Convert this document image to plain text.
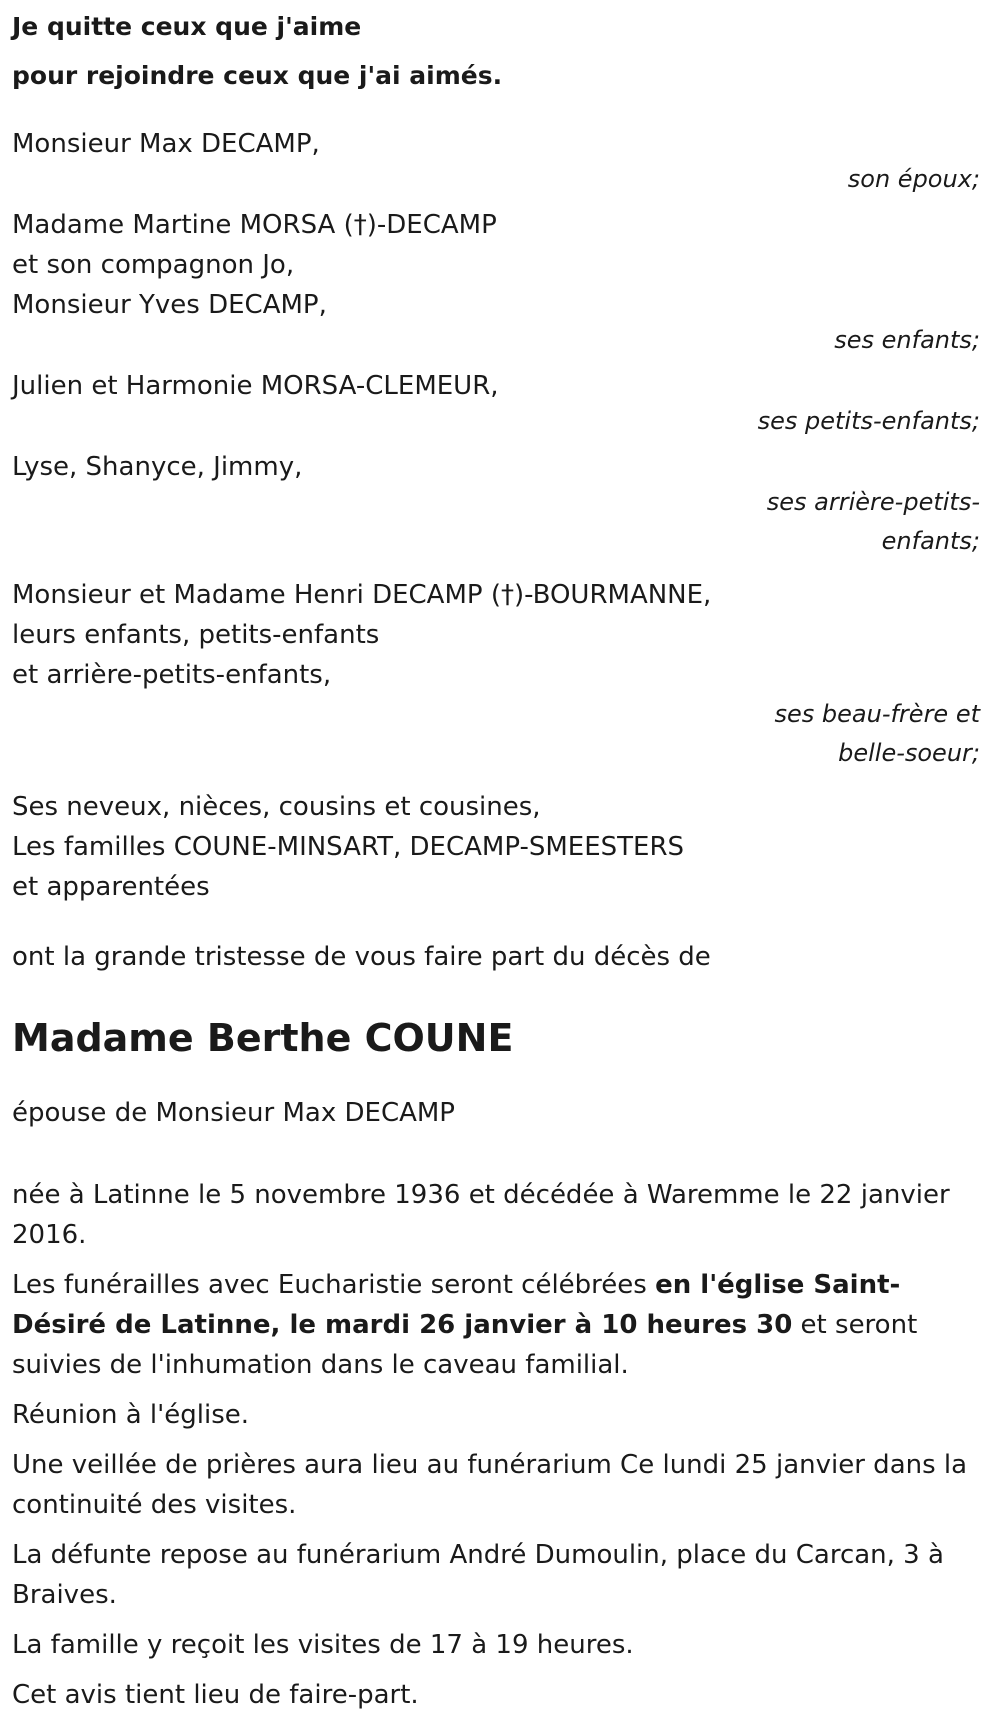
Je quitte ceux que j'aime
pour rejoindre ceux que j'ai aimés.
Monsieur Max DECAMP,
son époux;
Madame Martine MORSA (†)-DECAMP
et son compagnon Jo,
Monsieur Yves DECAMP,
ses enfants;
Julien et Harmonie MORSA-CLEMEUR,
ses petits-enfants;
Lyse, Shanyce, Jimmy,
ses arrière-petits-
enfants;
Monsieur et Madame Henri DECAMP (†)-BOURMANNE,
leurs enfants, petits-enfants
et arrière-petits-enfants,
ses beau-frère et
belle-soeur;
Ses neveux, nièces, cousins et cousines,
Les familles COUNE-MINSART, DECAMP-SMEESTERS
et apparentées
ont la grande tristesse de vous faire part du décès de
Madame Berthe COUNE
épouse de Monsieur Max DECAMP
née à Latinne le 5 novembre 1936 et décédée à Waremme le 22 janvier 2016.
Les funérailles avec Eucharistie seront célébrées en l'église Saint-Désiré de Latinne, le mardi 26 janvier à 10 heures 30 et seront suivies de l'inhumation dans le caveau familial.
Réunion à l'église.
Une veillée de prières aura lieu au funérarium Ce lundi 25 janvier dans la continuité des visites.
La défunte repose au funérarium André Dumoulin, place du Carcan, 3 à Braives.
La famille y reçoit les visites de 17 à 19 heures.
Cet avis tient lieu de faire-part.
